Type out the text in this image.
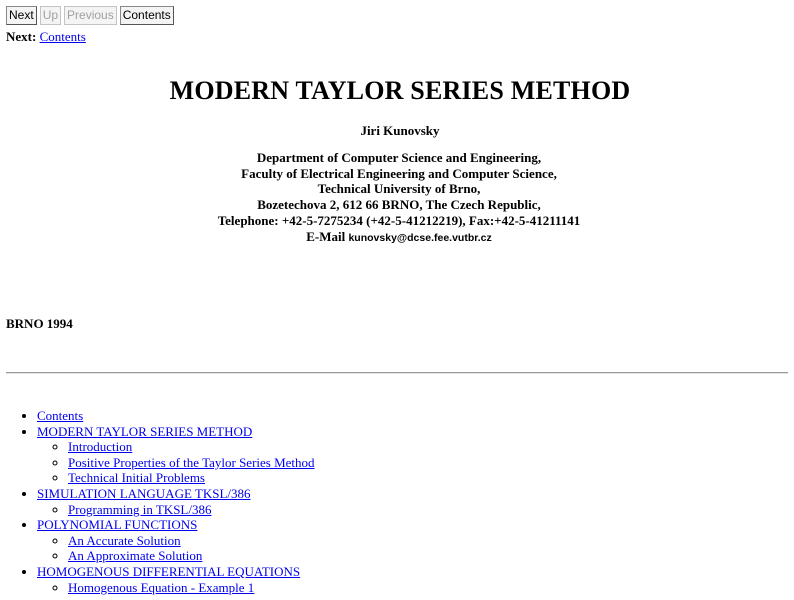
Next Up Previous Contents
Next: Contents
MODERN TAYLOR SERIES METHOD
Jiri Kunovsky
Department of Computer Science and Engineering,
Faculty of Electrical Engineering and Computer Science,
Technical University of Brno,
Bozetechova 2, 612 66 BRNO, The Czech Republic,
Telephone: +42-5-7275234 (+42-5-41212219), Fax:+42-5-41211141
E-Mail kunovsky@dcse.fee.vutbr.cz
BRNO 1994
• Contents
• MODERN TAYLOR SERIES METHOD
◦ Introduction
◦ Positive Properties of the Taylor Series Method
◦ Technical Initial Problems
• SIMULATION LANGUAGE TKSL/386
◦ Programming in TKSL/386
• POLYNOMIAL FUNCTIONS
◦ An Accurate Solution
◦ An Approximate Solution
• HOMOGENOUS DIFFERENTIAL EQUATIONS
◦ Homogenous Equation - Example 1
